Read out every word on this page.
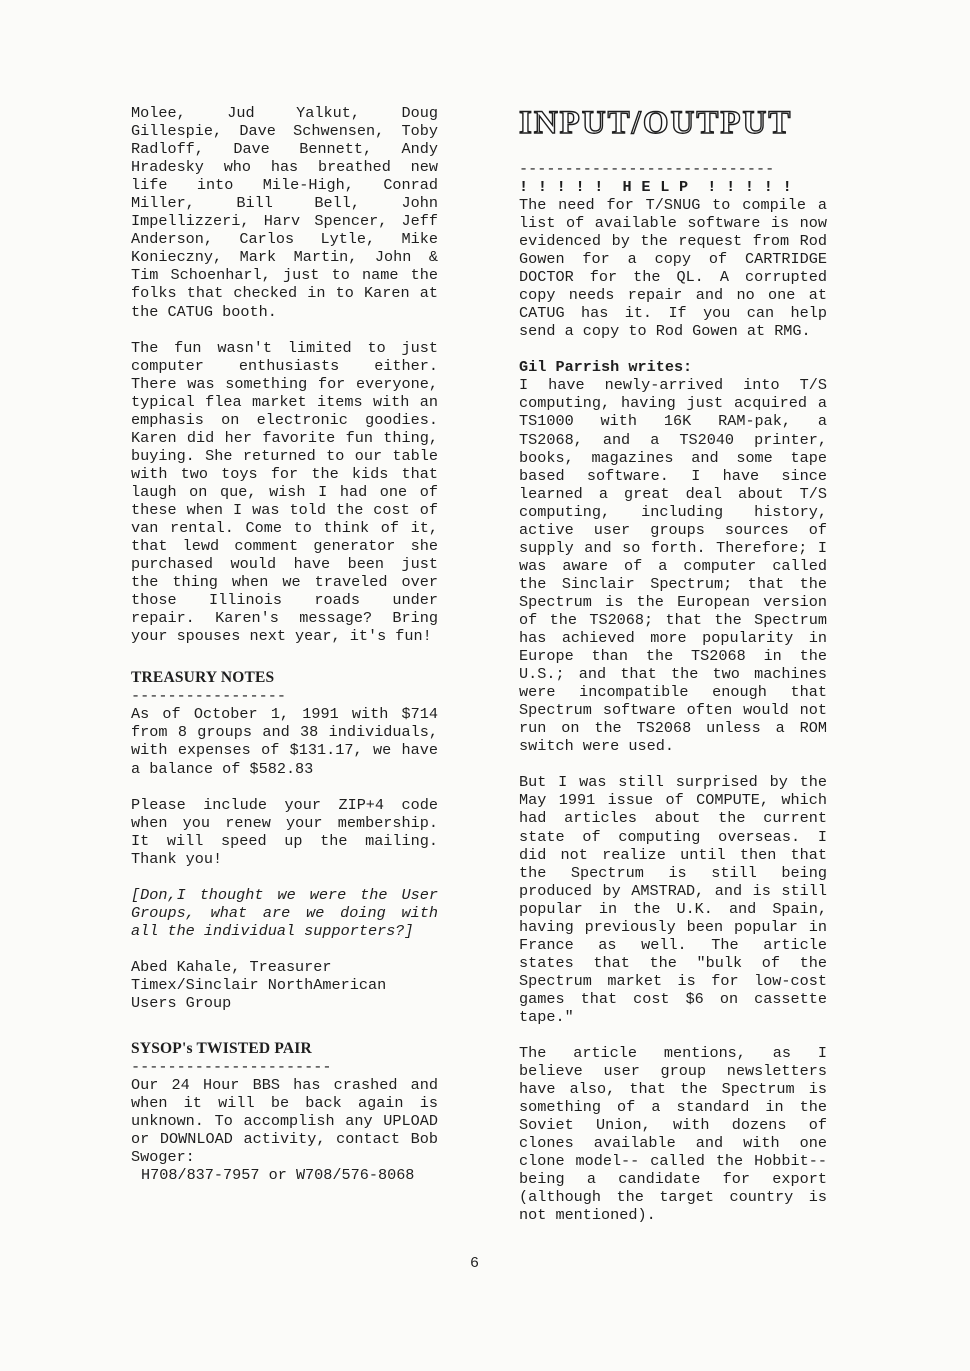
Molee, Jud Yalkut, Doug Gillespie, Dave Schwensen, Toby Radloff, Dave Bennett, Andy Hradesky who has breathed new life into Mile-High, Conrad Miller, Bill Bell, John Impellizzeri, Harv Spencer, Jeff Anderson, Carlos Lytle, Mike Konieczny, Mark Martin, John & Tim Schoenharl, just to name the folks that checked in to Karen at the CATUG booth.

The fun wasn't limited to just computer enthusiasts either. There was something for everyone, typical flea market items with an emphasis on electronic goodies. Karen did her favorite fun thing, buying. She returned to our table with two toys for the kids that laugh on que, wish I had one of these when I was told the cost of van rental. Come to think of it, that lewd comment generator she purchased would have been just the thing when we traveled over those Illinois roads under repair. Karen's message? Bring your spouses next year, it's fun!

TREASURY NOTES

-----------------

As of October 1, 1991 with $714 from 8 groups and 38 individuals, with expenses of $131.17, we have a balance of $582.83

Please include your ZIP+4 code when you renew your membership. It will speed up the mailing. Thank you!

[Don,I thought we were the User Groups, what are we doing with all the individual supporters?]

Abed Kahale, Treasurer

Timex/Sinclair NorthAmerican

Users Group

SYSOP's TWISTED PAIR

----------------------

Our 24 Hour BBS has crashed and when it will be back again is unknown. To accomplish any UPLOAD or DOWNLOAD activity, contact Bob Swoger:

H708/837-7957 or W708/576-8068

INPUT/OUTPUT

----------------------------

! ! ! ! !  H E L P  ! ! ! ! !

The need for T/SNUG to compile a list of available software is now evidenced by the request from Rod Gowen for a copy of CARTRIDGE DOCTOR for the QL. A corrupted copy needs repair and no one at CATUG has it. If you can help send a copy to Rod Gowen at RMG.

Gil Parrish writes:

I have newly-arrived into T/S computing, having just acquired a TS1000 with 16K RAM-pak, a TS2068, and a TS2040 printer, books, magazines and some tape based software. I have since learned a great deal about T/S computing, including history, active user groups sources of supply and so forth. Therefore; I was aware of a computer called the Sinclair Spectrum; that the Spectrum is the European version of the TS2068; that the Spectrum has achieved more popularity in Europe than the TS2068 in the U.S.; and that the two machines were incompatible enough that Spectrum software often would not run on the TS2068 unless a ROM switch were used.

But I was still surprised by the May 1991 issue of COMPUTE, which had articles about the current state of computing overseas. I did not realize until then that the Spectrum is still being produced by AMSTRAD, and is still popular in the U.K. and Spain, having previously been popular in France as well. The article states that the "bulk of the Spectrum market is for low-cost games that cost $6 on cassette tape."

The article mentions, as I believe user group newsletters have also, that the Spectrum is something of a standard in the Soviet Union, with dozens of clones available and with one clone model-- called the Hobbit-- being a candidate for export (although the target country is not mentioned).

6
